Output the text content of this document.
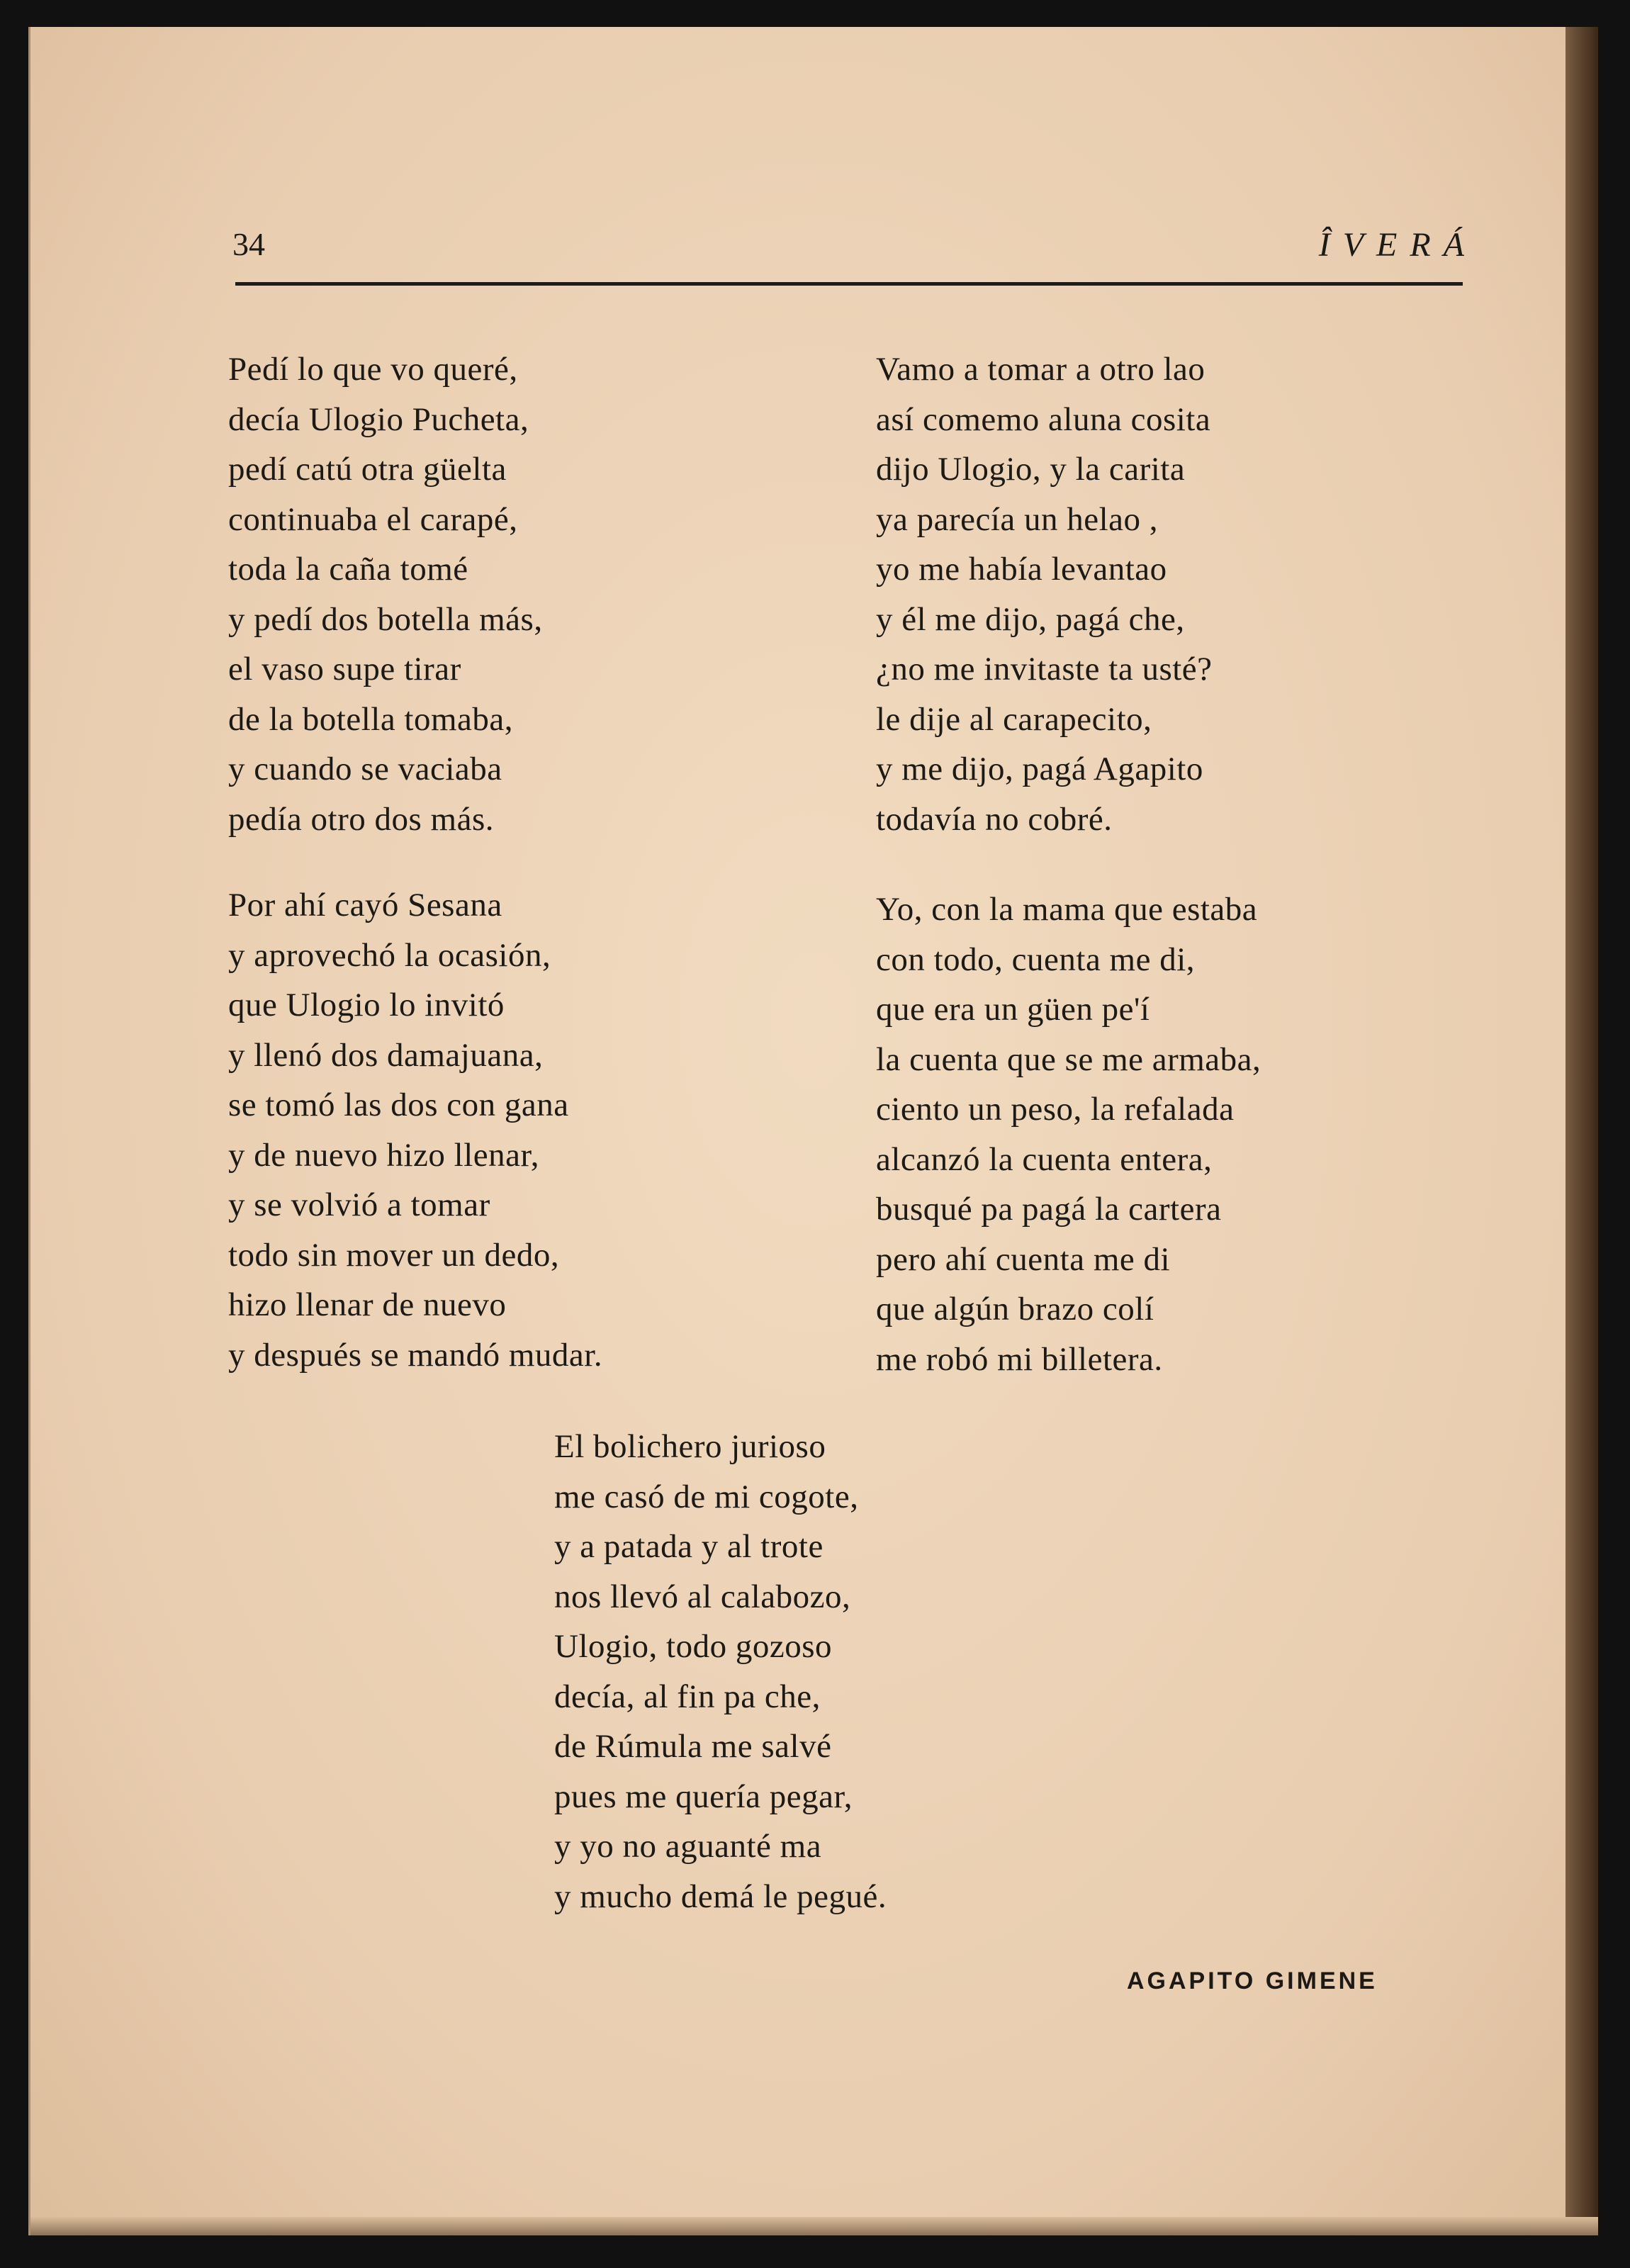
34	ÎVERÁ
Pedí lo que vo queré,
decía Ulogio Pucheta,
pedí catú otra güelta
continuaba el carapé,
toda la caña tomé
y pedí dos botella más,
el vaso supe tirar
de la botella tomaba,
y cuando se vaciaba
pedía otro dos más.
Vamo a tomar a otro lao
así comemo aluna cosita
dijo Ulogio, y la carita
ya parecía un helao ,
yo me había levantao
y él me dijo, pagá che,
¿no me invitaste ta usté?
le dije al carapecito,
y me dijo, pagá Agapito
todavía no cobré.
Por ahí cayó Sesana
y aprovechó la ocasión,
que Ulogio lo invitó
y llenó dos damajuana,
se tomó las dos con gana
y de nuevo hizo llenar,
y se volvió a tomar
todo sin mover un dedo,
hizo llenar de nuevo
y después se mandó mudar.
Yo, con la mama que estaba
con todo, cuenta me di,
que era un güen pe'í
la cuenta que se me armaba,
ciento un peso, la refalada
alcanzó la cuenta entera,
busqué pa pagá la cartera
pero ahí cuenta me di
que algún brazo colí
me robó mi billetera.
El bolichero jurioso
me casó de mi cogote,
y a patada y al trote
nos llevó al calabozo,
Ulogio, todo gozoso
decía, al fin pa che,
de Rúmula me salvé
pues me quería pegar,
y yo no aguanté ma
y mucho demá le pegué.
AGAPITO GIMENE
